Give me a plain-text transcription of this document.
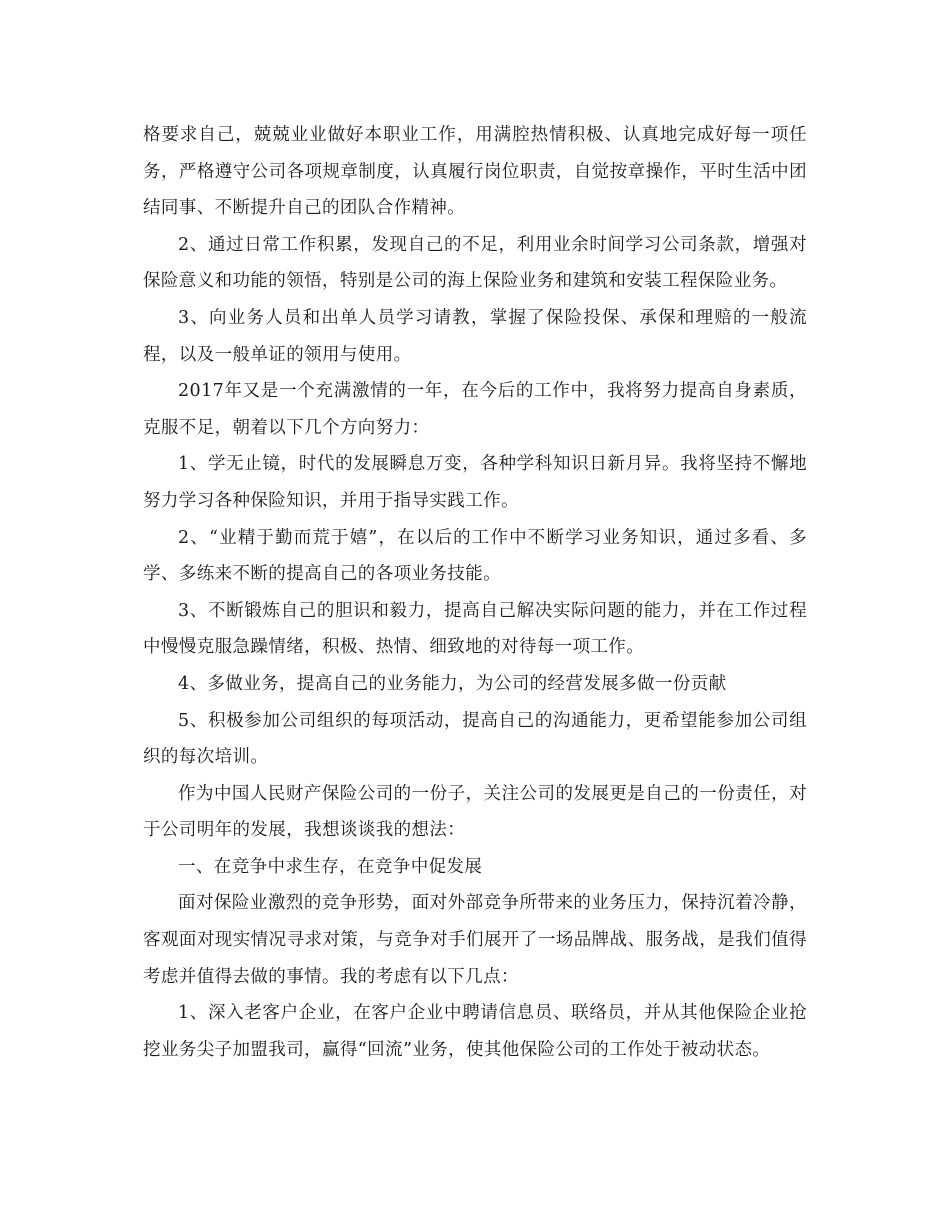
格要求自己，兢兢业业做好本职业工作，用满腔热情积极、认真地完成好每一项任务，严格遵守公司各项规章制度，认真履行岗位职责，自觉按章操作，平时生活中团结同事、不断提升自己的团队合作精神。

2、通过日常工作积累，发现自己的不足，利用业余时间学习公司条款，增强对保险意义和功能的领悟，特别是公司的海上保险业务和建筑和安装工程保险业务。

3、向业务人员和出单人员学习请教，掌握了保险投保、承保和理赔的一般流程，以及一般单证的领用与使用。

2017年又是一个充满激情的一年，在今后的工作中，我将努力提高自身素质，克服不足，朝着以下几个方向努力：

1、学无止镜，时代的发展瞬息万变，各种学科知识日新月异。我将坚持不懈地努力学习各种保险知识，并用于指导实践工作。

2、“业精于勤而荒于嬉”，在以后的工作中不断学习业务知识，通过多看、多学、多练来不断的提高自己的各项业务技能。

3、不断锻炼自己的胆识和毅力，提高自己解决实际问题的能力，并在工作过程中慢慢克服急躁情绪，积极、热情、细致地的对待每一项工作。

4、多做业务，提高自己的业务能力，为公司的经营发展多做一份贡献

5、积极参加公司组织的每项活动，提高自己的沟通能力，更希望能参加公司组织的每次培训。

作为中国人民财产保险公司的一份子，关注公司的发展更是自己的一份责任，对于公司明年的发展，我想谈谈我的想法：

一、在竞争中求生存，在竞争中促发展

面对保险业激烈的竞争形势，面对外部竞争所带来的业务压力，保持沉着冷静，客观面对现实情况寻求对策，与竞争对手们展开了一场品牌战、服务战，是我们值得考虑并值得去做的事情。我的考虑有以下几点：

1、深入老客户企业，在客户企业中聘请信息员、联络员，并从其他保险企业抢挖业务尖子加盟我司，赢得“回流”业务，使其他保险公司的工作处于被动状态。
